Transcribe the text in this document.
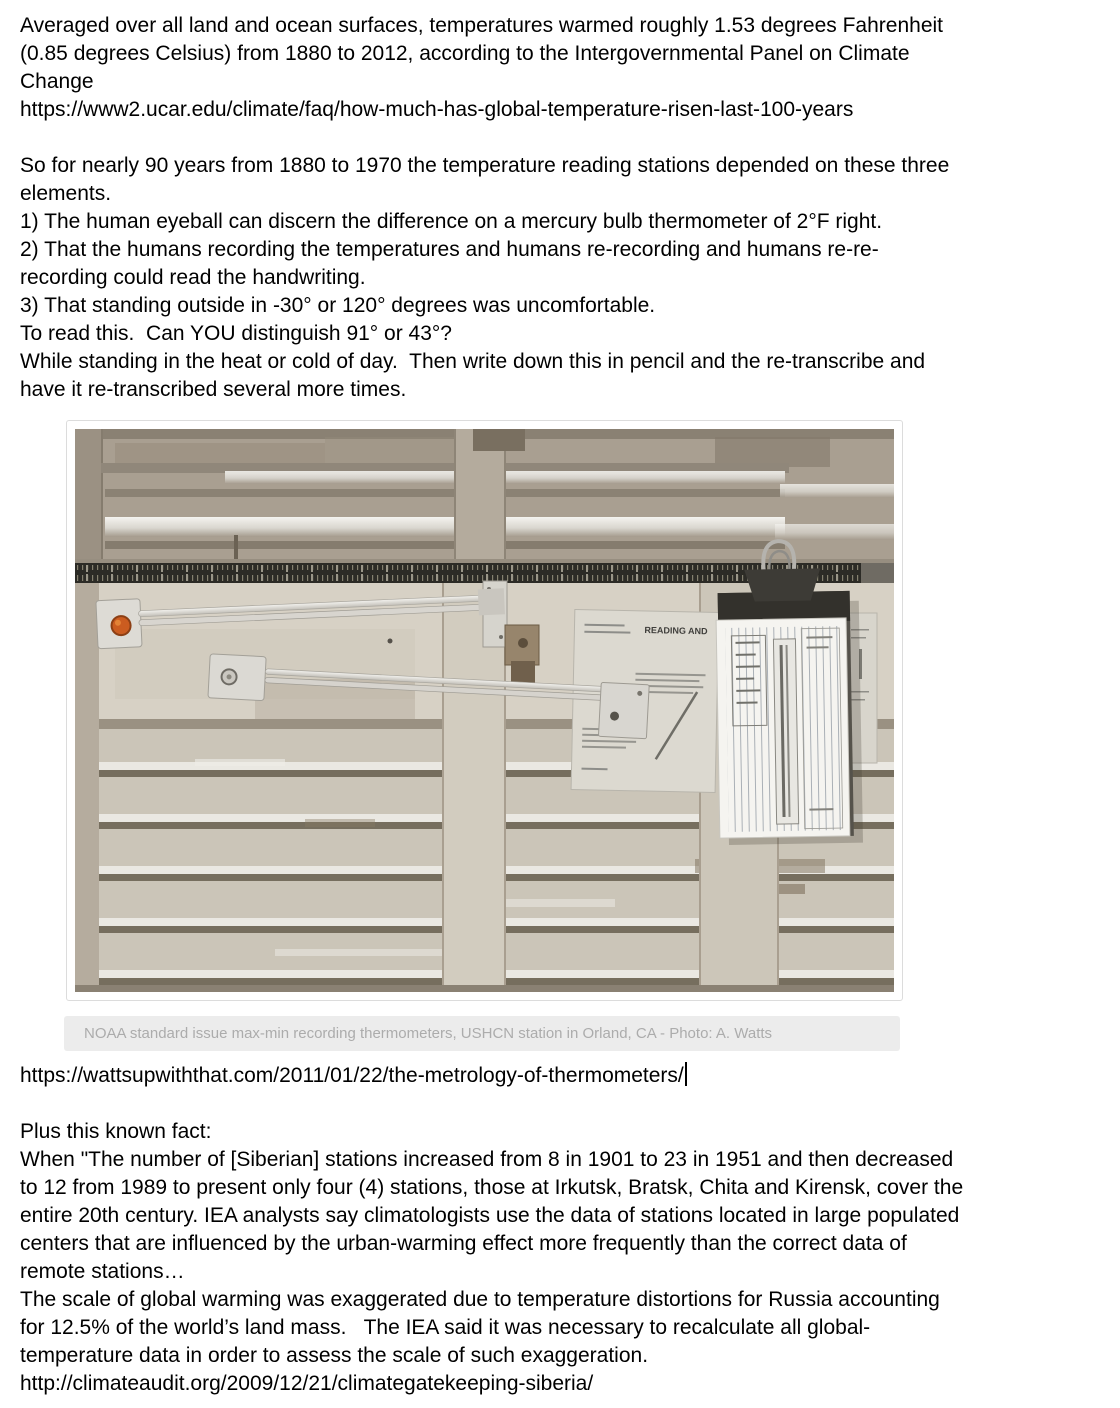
Averaged over all land and ocean surfaces, temperatures warmed roughly 1.53 degrees Fahrenheit
(0.85 degrees Celsius) from 1880 to 2012, according to the Intergovernmental Panel on Climate
Change
https://www2.ucar.edu/climate/faq/how-much-has-global-temperature-risen-last-100-years
So for nearly 90 years from 1880 to 1970 the temperature reading stations depended on these three
elements.
1) The human eyeball can discern the difference on a mercury bulb thermometer of 2°F right.
2) That the humans recording the temperatures and humans re-recording and humans re-re-
recording could read the handwriting.
3) That standing outside in -30° or 120° degrees was uncomfortable.
To read this.  Can YOU distinguish 91° or 43°?
While standing in the heat or cold of day.  Then write down this in pencil and the re-transcribe and
have it re-transcribed several more times.
READING AND
NOAA standard issue max-min recording thermometers, USHCN station in Orland, CA - Photo: A. Watts
https://wattsupwiththat.com/2011/01/22/the-metrology-of-thermometers/
Plus this known fact:
When "The number of [Siberian] stations increased from 8 in 1901 to 23 in 1951 and then decreased
to 12 from 1989 to present only four (4) stations, those at Irkutsk, Bratsk, Chita and Kirensk, cover the
entire 20th century. IEA analysts say climatologists use the data of stations located in large populated
centers that are influenced by the urban-warming effect more frequently than the correct data of
remote stations…
The scale of global warming was exaggerated due to temperature distortions for Russia accounting
for 12.5% of the world’s land mass.   The IEA said it was necessary to recalculate all global-
temperature data in order to assess the scale of such exaggeration.
http://climateaudit.org/2009/12/21/climategatekeeping-siberia/
